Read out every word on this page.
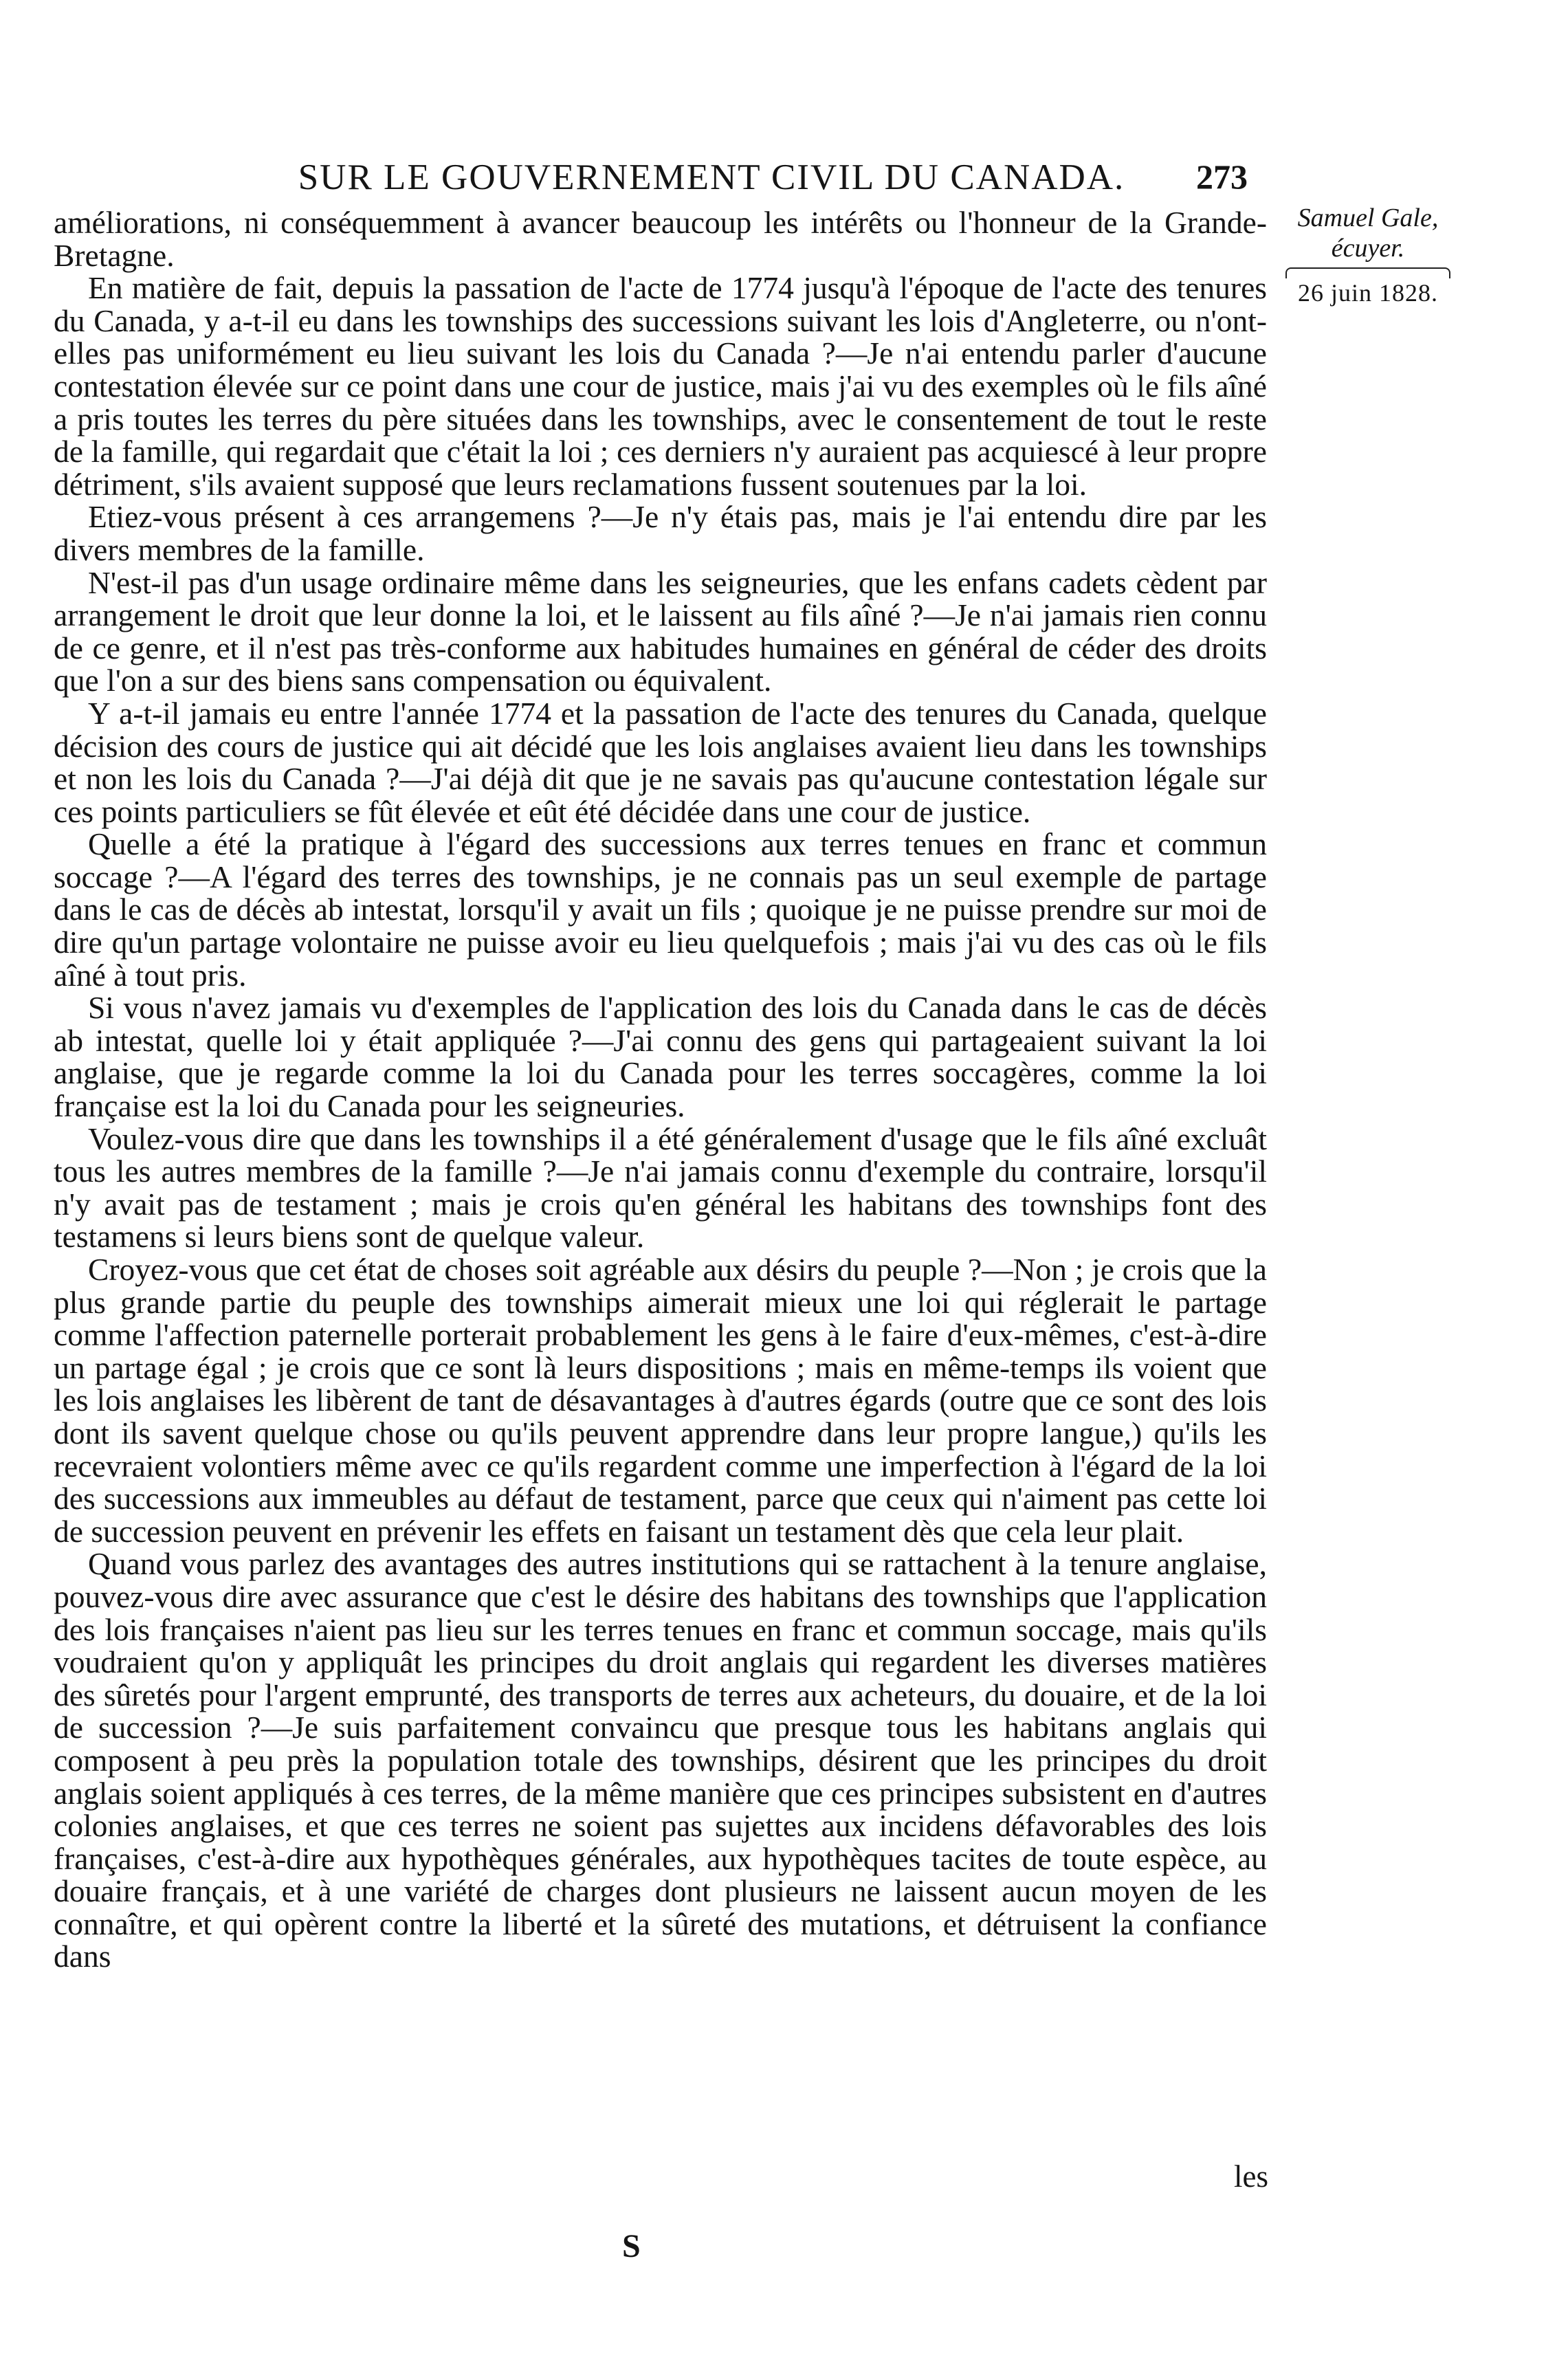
SUR LE GOUVERNEMENT CIVIL DU CANADA.	273
Samuel Gale,
écuyer.
26 juin 1828.

améliorations, ni conséquemment à avancer beaucoup les intérêts ou l'honneur de la Grande-Bretagne.

En matière de fait, depuis la passation de l'acte de 1774 jusqu'à l'époque de l'acte des tenures du Canada, y a-t-il eu dans les townships des successions suivant les lois d'Angleterre, ou n'ont-elles pas uniformément eu lieu suivant les lois du Canada ?—Je n'ai entendu parler d'aucune contestation élevée sur ce point dans une cour de justice, mais j'ai vu des exemples où le fils aîné a pris toutes les terres du père situées dans les townships, avec le consentement de tout le reste de la famille, qui regardait que c'était la loi ; ces derniers n'y auraient pas acquiescé à leur propre détriment, s'ils avaient supposé que leurs reclamations fussent soutenues par la loi.

Etiez-vous présent à ces arrangemens ?—Je n'y étais pas, mais je l'ai entendu dire par les divers membres de la famille.

N'est-il pas d'un usage ordinaire même dans les seigneuries, que les enfans cadets cèdent par arrangement le droit que leur donne la loi, et le laissent au fils aîné ?—Je n'ai jamais rien connu de ce genre, et il n'est pas très-conforme aux habitudes humaines en général de céder des droits que l'on a sur des biens sans compensation ou équivalent.

Y a-t-il jamais eu entre l'année 1774 et la passation de l'acte des tenures du Canada, quelque décision des cours de justice qui ait décidé que les lois anglaises avaient lieu dans les townships et non les lois du Canada ?—J'ai déjà dit que je ne savais pas qu'aucune contestation légale sur ces points particuliers se fût élevée et eût été décidée dans une cour de justice.

Quelle a été la pratique à l'égard des successions aux terres tenues en franc et commun soccage ?—A l'égard des terres des townships, je ne connais pas un seul exemple de partage dans le cas de décès ab intestat, lorsqu'il y avait un fils ; quoique je ne puisse prendre sur moi de dire qu'un partage volontaire ne puisse avoir eu lieu quelquefois ; mais j'ai vu des cas où le fils aîné à tout pris.

Si vous n'avez jamais vu d'exemples de l'application des lois du Canada dans le cas de décès ab intestat, quelle loi y était appliquée ?—J'ai connu des gens qui partageaient suivant la loi anglaise, que je regarde comme la loi du Canada pour les terres soccagères, comme la loi française est la loi du Canada pour les seigneuries.

Voulez-vous dire que dans les townships il a été généralement d'usage que le fils aîné excluât tous les autres membres de la famille ?—Je n'ai jamais connu d'exemple du contraire, lorsqu'il n'y avait pas de testament ; mais je crois qu'en général les habitans des townships font des testamens si leurs biens sont de quelque valeur.

Croyez-vous que cet état de choses soit agréable aux désirs du peuple ?—Non ; je crois que la plus grande partie du peuple des townships aimerait mieux une loi qui réglerait le partage comme l'affection paternelle porterait probablement les gens à le faire d'eux-mêmes, c'est-à-dire un partage égal ; je crois que ce sont là leurs dispositions ; mais en même-temps ils voient que les lois anglaises les libèrent de tant de désavantages à d'autres égards (outre que ce sont des lois dont ils savent quelque chose ou qu'ils peuvent apprendre dans leur propre langue,) qu'ils les recevraient volontiers même avec ce qu'ils regardent comme une imperfection à l'égard de la loi des successions aux immeubles au défaut de testament, parce que ceux qui n'aiment pas cette loi de succession peuvent en prévenir les effets en faisant un testament dès que cela leur plait.

Quand vous parlez des avantages des autres institutions qui se rattachent à la tenure anglaise, pouvez-vous dire avec assurance que c'est le désire des habitans des townships que l'application des lois françaises n'aient pas lieu sur les terres tenues en franc et commun soccage, mais qu'ils voudraient qu'on y appliquât les principes du droit anglais qui regardent les diverses matières des sûretés pour l'argent emprunté, des transports de terres aux acheteurs, du douaire, et de la loi de succession ?—Je suis parfaitement convaincu que presque tous les habitans anglais qui composent à peu près la population totale des townships, désirent que les principes du droit anglais soient appliqués à ces terres, de la même manière que ces principes subsistent en d'autres colonies anglaises, et que ces terres ne soient pas sujettes aux incidens défavorables des lois françaises, c'est-à-dire aux hypothèques générales, aux hypothèques tacites de toute espèce, au douaire français, et à une variété de charges dont plusieurs ne laissent aucun moyen de les connaître, et qui opèrent contre la liberté et la sûreté des mutations, et détruisent la confiance dans

les
S
